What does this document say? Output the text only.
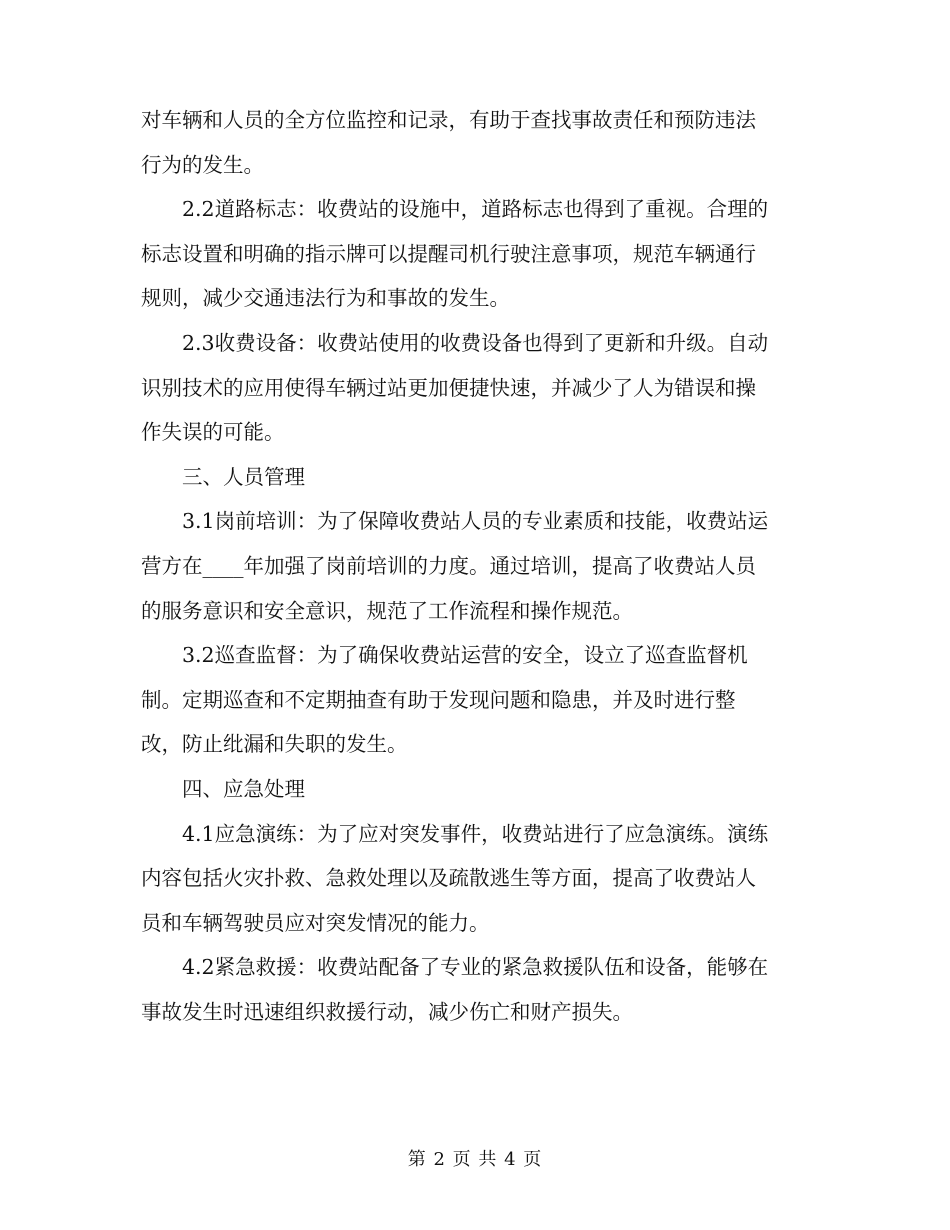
对车辆和人员的全方位监控和记录，有助于查找事故责任和预防违法
行为的发生。

　　2.2道路标志：收费站的设施中，道路标志也得到了重视。合理的
标志设置和明确的指示牌可以提醒司机行驶注意事项，规范车辆通行
规则，减少交通违法行为和事故的发生。

　　2.3收费设备：收费站使用的收费设备也得到了更新和升级。自动
识别技术的应用使得车辆过站更加便捷快速，并减少了人为错误和操
作失误的可能。

　　三、人员管理

　　3.1岗前培训：为了保障收费站人员的专业素质和技能，收费站运
营方在____年加强了岗前培训的力度。通过培训，提高了收费站人员
的服务意识和安全意识，规范了工作流程和操作规范。

　　3.2巡查监督：为了确保收费站运营的安全，设立了巡查监督机
制。定期巡查和不定期抽查有助于发现问题和隐患，并及时进行整
改，防止纰漏和失职的发生。

　　四、应急处理

　　4.1应急演练：为了应对突发事件，收费站进行了应急演练。演练
内容包括火灾扑救、急救处理以及疏散逃生等方面，提高了收费站人
员和车辆驾驶员应对突发情况的能力。

　　4.2紧急救援：收费站配备了专业的紧急救援队伍和设备，能够在
事故发生时迅速组织救援行动，减少伤亡和财产损失。

第 2 页 共 4 页
